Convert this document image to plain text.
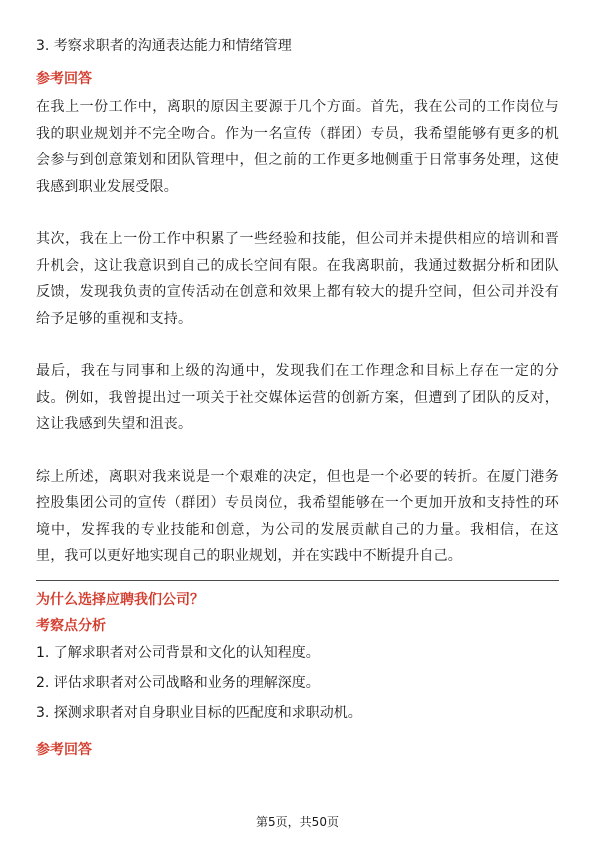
3. 考察求职者的沟通表达能力和情绪管理
参考回答

在我上一份工作中，离职的原因主要源于几个方面。首先，我在公司的工作岗位与我的职业规划并不完全吻合。作为一名宣传（群团）专员，我希望能够有更多的机会参与到创意策划和团队管理中，但之前的工作更多地侧重于日常事务处理，这使我感到职业发展受限。

其次，我在上一份工作中积累了一些经验和技能，但公司并未提供相应的培训和晋升机会，这让我意识到自己的成长空间有限。在我离职前，我通过数据分析和团队反馈，发现我负责的宣传活动在创意和效果上都有较大的提升空间，但公司并没有给予足够的重视和支持。

最后，我在与同事和上级的沟通中，发现我们在工作理念和目标上存在一定的分歧。例如，我曾提出过一项关于社交媒体运营的创新方案，但遭到了团队的反对，这让我感到失望和沮丧。

综上所述，离职对我来说是一个艰难的决定，但也是一个必要的转折。在厦门港务控股集团公司的宣传（群团）专员岗位，我希望能够在一个更加开放和支持性的环境中，发挥我的专业技能和创意，为公司的发展贡献自己的力量。我相信，在这里，我可以更好地实现自己的职业规划，并在实践中不断提升自己。

为什么选择应聘我们公司？
考察点分析
1. 了解求职者对公司背景和文化的认知程度。
2. 评估求职者对公司战略和业务的理解深度。
3. 探测求职者对自身职业目标的匹配度和求职动机。
参考回答
第5页，共50页
